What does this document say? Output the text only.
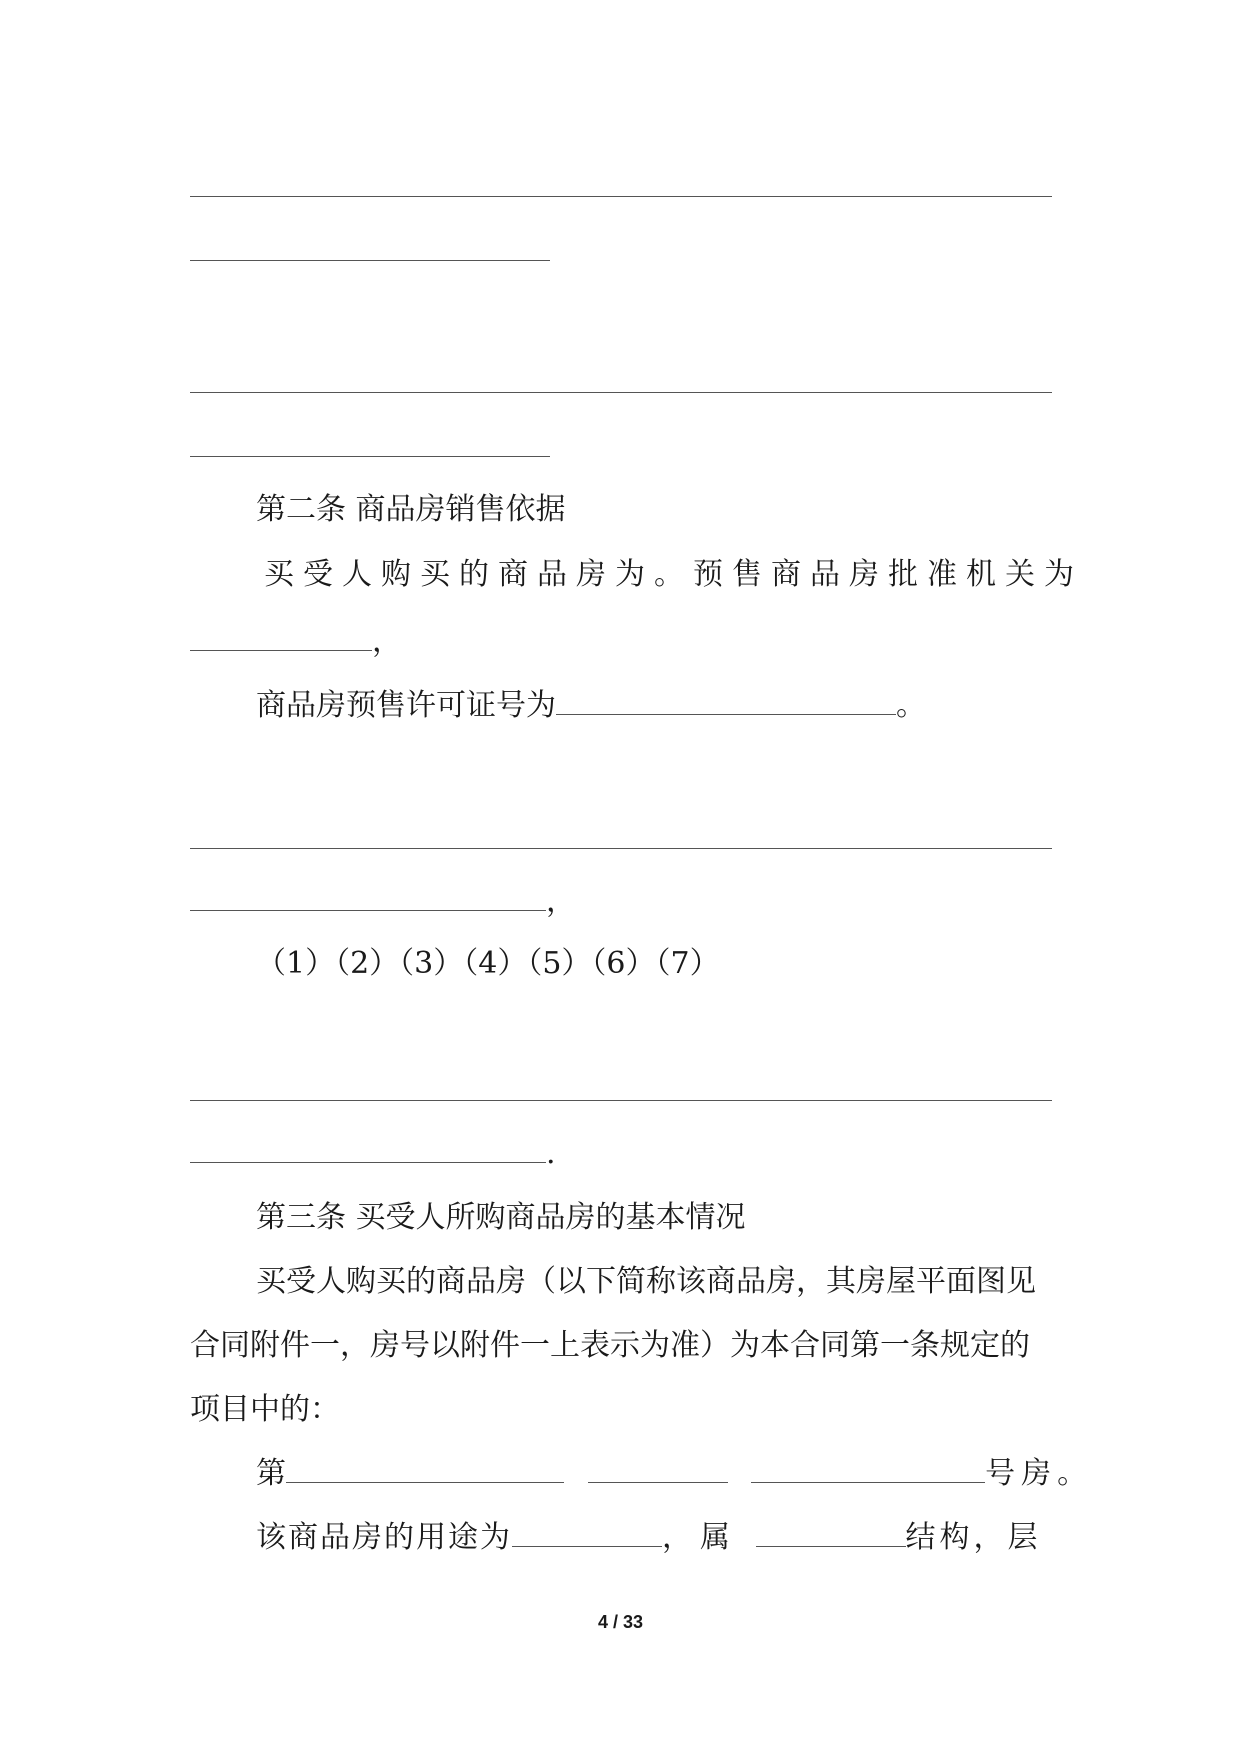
第二条 商品房销售依据
买受人购买的商品房为。预售商品房批准机关为
，
商品房预售许可证号为	。
，
（1）（2）（3）（4）（5）（6）（7）
.
第三条 买受人所购商品房的基本情况
买受人购买的商品房（以下简称该商品房，其房屋平面图见
合同附件一，房号以附件一上表示为准）为本合同第一条规定的
项目中的：
第	号房。
该商品房的用途为	，属	结构，层
4 / 33
